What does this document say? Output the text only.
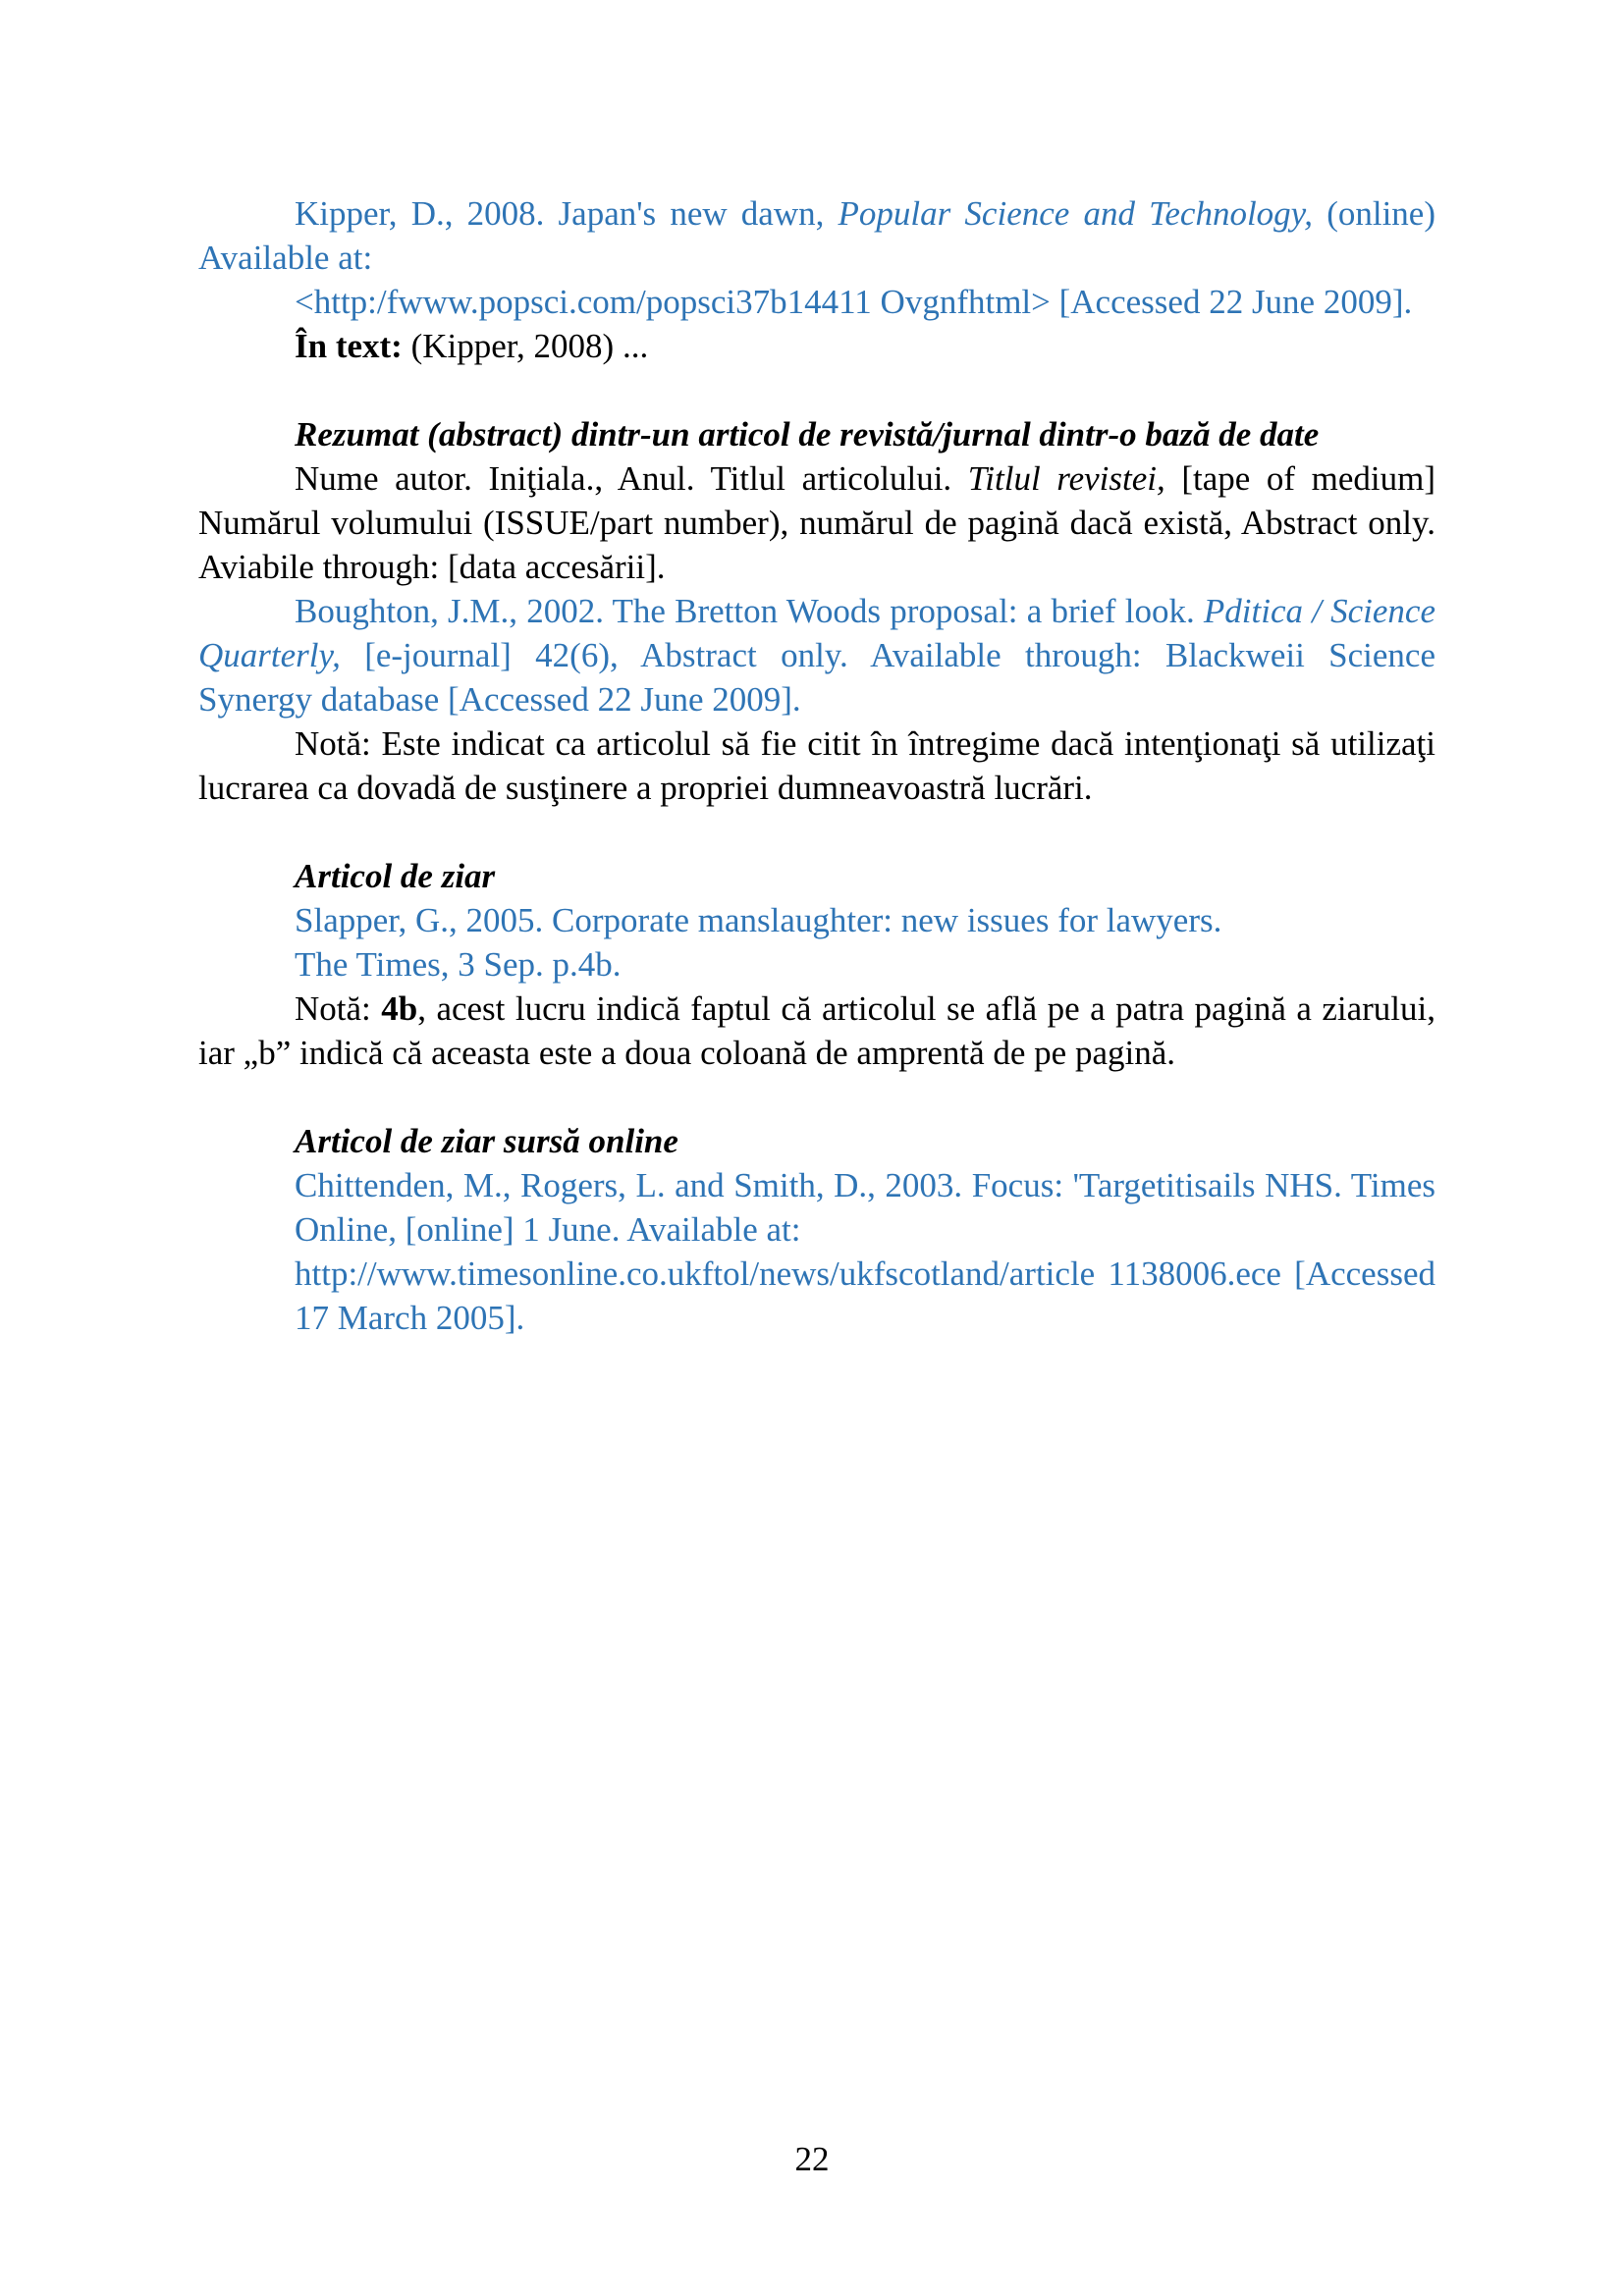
Kipper, D., 2008. Japan's new dawn, Popular Science and Technology, (online) Available at:
<http:/fwww.popsci.com/popsci37b14411 Ovgnfhtml> [Accessed 22 June 2009].

În text: (Kipper, 2008) ...

Rezumat (abstract) dintr-un articol de revistă/jurnal dintr-o bază de date

Nume autor. Iniţiala., Anul. Titlul articolului. Titlul revistei, [tape of medium] Numărul volumului (ISSUE/part number), numărul de pagină dacă există, Abstract only. Aviabile through: [data accesării].

Boughton, J.M., 2002. The Bretton Woods proposal: a brief look. Pditica / Science Quarterly, [e-journal] 42(6), Abstract only. Available through: Blackweii Science Synergy database [Accessed 22 June 2009].

Notă: Este indicat ca articolul să fie citit în întregime dacă intenţionaţi să utilizaţi lucrarea ca dovadă de susţinere a propriei dumneavoastră lucrări.

Articol de ziar

Slapper, G., 2005. Corporate manslaughter: new issues for lawyers.
The Times, 3 Sep. p.4b.

Notă: 4b, acest lucru indică faptul că articolul se află pe a patra pagină a ziarului, iar „b” indică că aceasta este a doua coloană de amprentă de pe pagină.

Articol de ziar sursă online

Chittenden, M., Rogers, L. and Smith, D., 2003. Focus: 'Targetitisails NHS. Times Online, [online] 1 June. Available at:
http://www.timesonline.co.ukftol/news/ukfscotland/article 1138006.ece [Accessed 17 March 2005].

22
